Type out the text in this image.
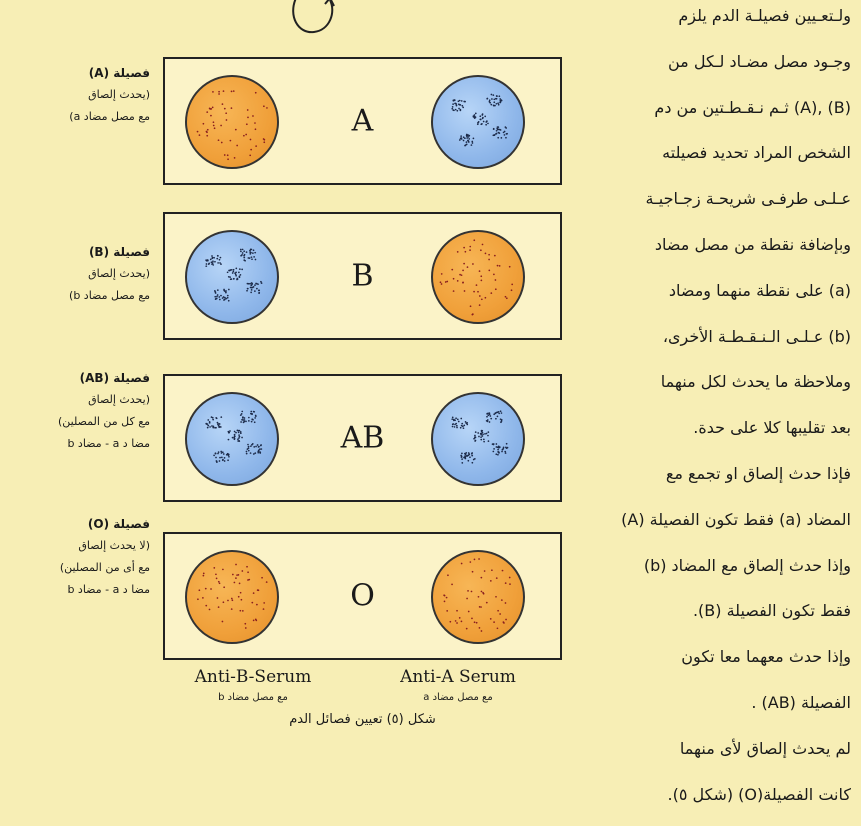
A
B
AB
O
Anti-B-Serum
مع مصل مضاد b
Anti-A Serum
مع مصل مضاد a
شكل (٥) تعيين فصائل الدم
ولـتعـيين فصيلـة الدم يلزم
وجـود مصل مضـاد لـكل من
(B) ,(A) ثـم نـقـطـتين من دم
الشخص المراد تحديد فصيلته
عـلـى طرفـى شريحـة زجـاجيـة
وبإضافة نقطة من مصل مضاد
(a) على نقطة منهما ومضاد
(b) عـلـى الـنـقـطـة الأخرى،
وملاحظة ما يحدث لكل منهما
بعد تقليبها كلا على حدة.
فإذا حدث إلصاق او تجمع مع
المضاد (a) فقط تكون الفصيلة (A)
وإذا حدث إلصاق مع المضاد (b)
فقط تكون الفصيلة (B).
وإذا حدث معهما معا تكون
الفصيلة (AB) .
لم يحدث إلصاق لأى منهما
كانت الفصيلة(O) (شكل ٥).
فصيلة (A)
(يحدث إلصاق
مع مصل مضاد a)
فصيلة (B)
(يحدث إلصاق
مع مصل مضاد b)
فصيلة (AB)
(يحدث إلصاق
مع كل من المصلين)
مضا د a - مضاد b
فصيلة (O)
(لا يحدث إلصاق
مع أى من المصلين)
مضا د a - مضاد b
